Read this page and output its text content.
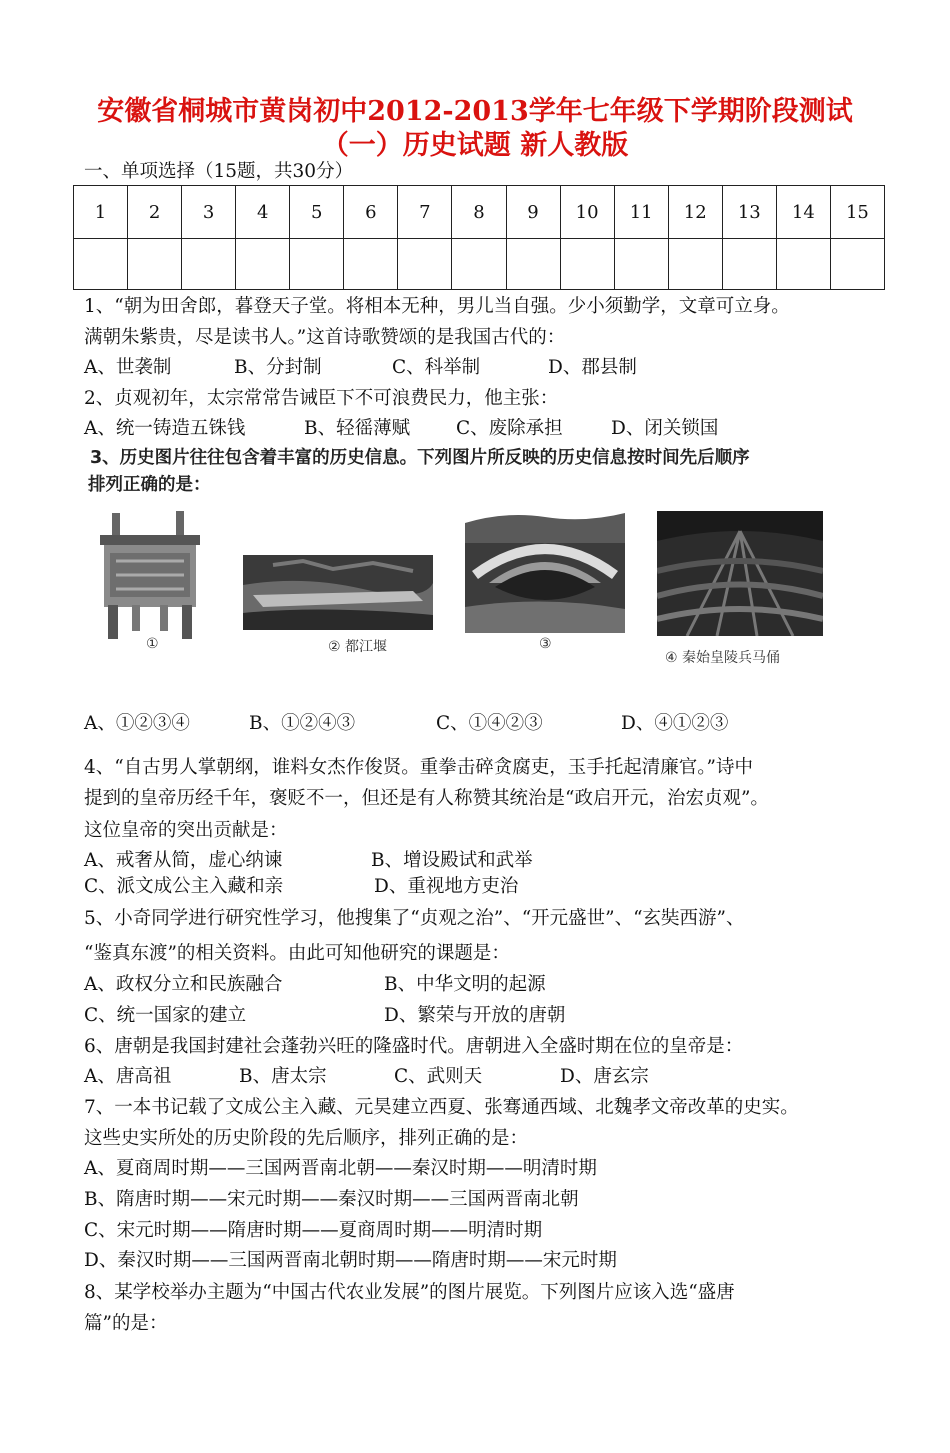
安徽省桐城市黄岗初中2012-2013学年七年级下学期阶段测试
（一）历史试题 新人教版
一、单项选择（15题，共30分）
1	2	3	4	5	6	7	8	9	10	11	12	13	14	15

1、“朝为田舍郎，暮登天子堂。将相本无种，男儿当自强。少小须勤学，文章可立身。
满朝朱紫贵，尽是读书人。”这首诗歌赞颂的是我国古代的：
A、世袭制	B、分封制	C、科举制	D、郡县制
2、贞观初年，太宗常常告诫臣下不可浪费民力，他主张：
A、统一铸造五铢钱	B、轻徭薄赋 C、废除承担	D、闭关锁国
3、历史图片往往包含着丰富的历史信息。下列图片所反映的历史信息按时间先后顺序
排列正确的是：
①	② 都江堰	③
④ 秦始皇陵兵马俑
A、①②③④	B、①②④③	C、①④②③	D、④①②③
4、“自古男人掌朝纲，谁料女杰作俊贤。重拳击碎贪腐吏，玉手托起清廉官。”诗中
提到的皇帝历经千年，褒贬不一，但还是有人称赞其统治是“政启开元，治宏贞观”。
这位皇帝的突出贡献是：
A、戒奢从简，虚心纳谏	B、增设殿试和武举
C、派文成公主入藏和亲	D、重视地方吏治
5、小奇同学进行研究性学习，他搜集了“贞观之治”、“开元盛世”、“玄奘西游”、
“鉴真东渡”的相关资料。由此可知他研究的课题是：
A、政权分立和民族融合	B、中华文明的起源
C、统一国家的建立	D、繁荣与开放的唐朝
6、唐朝是我国封建社会蓬勃兴旺的隆盛时代。唐朝进入全盛时期在位的皇帝是：
A、唐高祖	B、唐太宗	C、武则天	D、唐玄宗
7、一本书记载了文成公主入藏、元昊建立西夏、张骞通西域、北魏孝文帝改革的史实。
这些史实所处的历史阶段的先后顺序，排列正确的是：
A、夏商周时期——三国两晋南北朝——秦汉时期——明清时期
B、隋唐时期——宋元时期——秦汉时期——三国两晋南北朝
C、宋元时期——隋唐时期——夏商周时期——明清时期
D、秦汉时期——三国两晋南北朝时期——隋唐时期——宋元时期
8、某学校举办主题为“中国古代农业发展”的图片展览。下列图片应该入选“盛唐
篇”的是：
